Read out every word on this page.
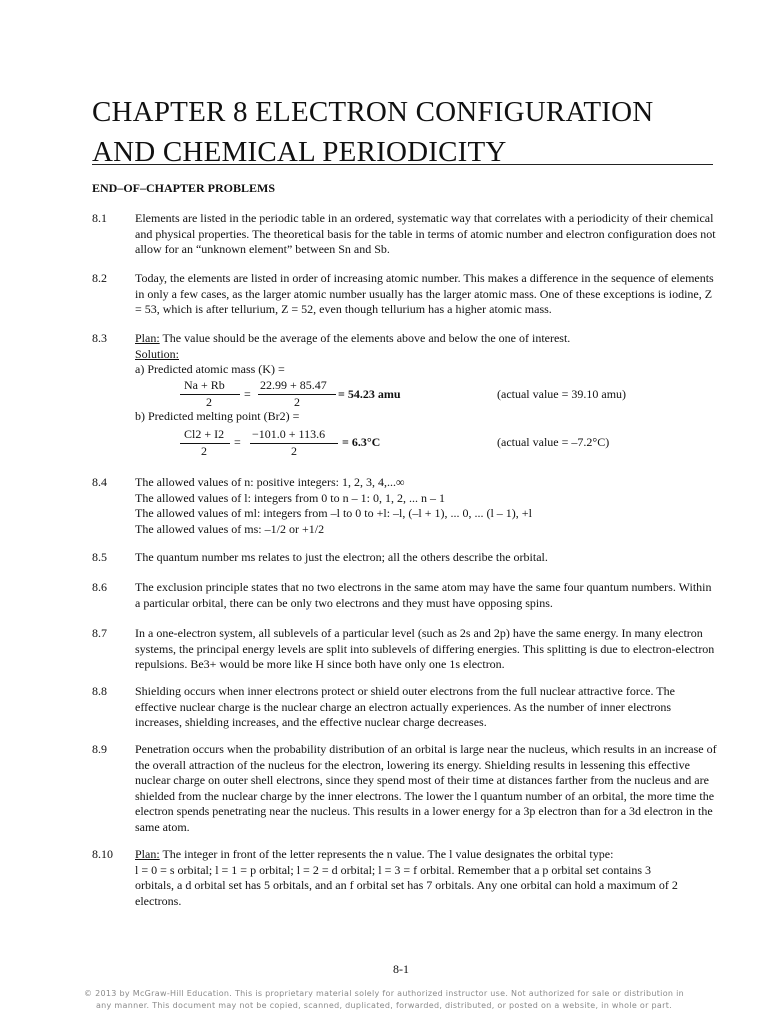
CHAPTER 8 ELECTRON CONFIGURATION AND CHEMICAL PERIODICITY
END–OF–CHAPTER PROBLEMS
8.1 Elements are listed in the periodic table in an ordered, systematic way that correlates with a periodicity of their chemical and physical properties. The theoretical basis for the table in terms of atomic number and electron configuration does not allow for an “unknown element” between Sn and Sb.
8.2 Today, the elements are listed in order of increasing atomic number. This makes a difference in the sequence of elements in only a few cases, as the larger atomic number usually has the larger atomic mass. One of these exceptions is iodine, Z = 53, which is after tellurium, Z = 52, even though tellurium has a higher atomic mass.
8.3 Plan: The value should be the average of the elements above and below the one of interest.
Solution:
a) Predicted atomic mass (K) =
Na + Rb
2
=
22.99 + 85.47
2
= 54.23 amu	(actual value = 39.10 amu)
b) Predicted melting point (Br2) =
Cl2 + I2
2
=
−101.0 + 113.6
2
= 6.3°C	(actual value = –7.2°C)
8.4 The allowed values of n: positive integers: 1, 2, 3, 4,...∞
The allowed values of l: integers from 0 to n – 1: 0, 1, 2, ... n – 1
The allowed values of ml: integers from –l to 0 to +l: –l, (–l + 1), ... 0, ... (l – 1), +l
The allowed values of ms: –1/2 or +1/2
8.5 The quantum number ms relates to just the electron; all the others describe the orbital.
8.6 The exclusion principle states that no two electrons in the same atom may have the same four quantum numbers. Within a particular orbital, there can be only two electrons and they must have opposing spins.
8.7 In a one-electron system, all sublevels of a particular level (such as 2s and 2p) have the same energy. In many electron systems, the principal energy levels are split into sublevels of differing energies. This splitting is due to electron-electron repulsions. Be3+ would be more like H since both have only one 1s electron.
8.8 Shielding occurs when inner electrons protect or shield outer electrons from the full nuclear attractive force. The effective nuclear charge is the nuclear charge an electron actually experiences. As the number of inner electrons increases, shielding increases, and the effective nuclear charge decreases.
8.9 Penetration occurs when the probability distribution of an orbital is large near the nucleus, which results in an increase of the overall attraction of the nucleus for the electron, lowering its energy. Shielding results in lessening this effective nuclear charge on outer shell electrons, since they spend most of their time at distances farther from the nucleus and are shielded from the nuclear charge by the inner electrons. The lower the l quantum number of an orbital, the more time the electron spends penetrating near the nucleus. This results in a lower energy for a 3p electron than for a 3d electron in the same atom.
8.10 Plan: The integer in front of the letter represents the n value. The l value designates the orbital type:
l = 0 = s orbital; l = 1 = p orbital; l = 2 = d orbital; l = 3 = f orbital. Remember that a p orbital set contains 3
orbitals, a d orbital set has 5 orbitals, and an f orbital set has 7 orbitals. Any one orbital can hold a maximum of 2
electrons.
8-1
© 2013 by McGraw-Hill Education. This is proprietary material solely for authorized instructor use. Not authorized for sale or distribution in any manner. This document may not be copied, scanned, duplicated, forwarded, distributed, or posted on a website, in whole or part.
